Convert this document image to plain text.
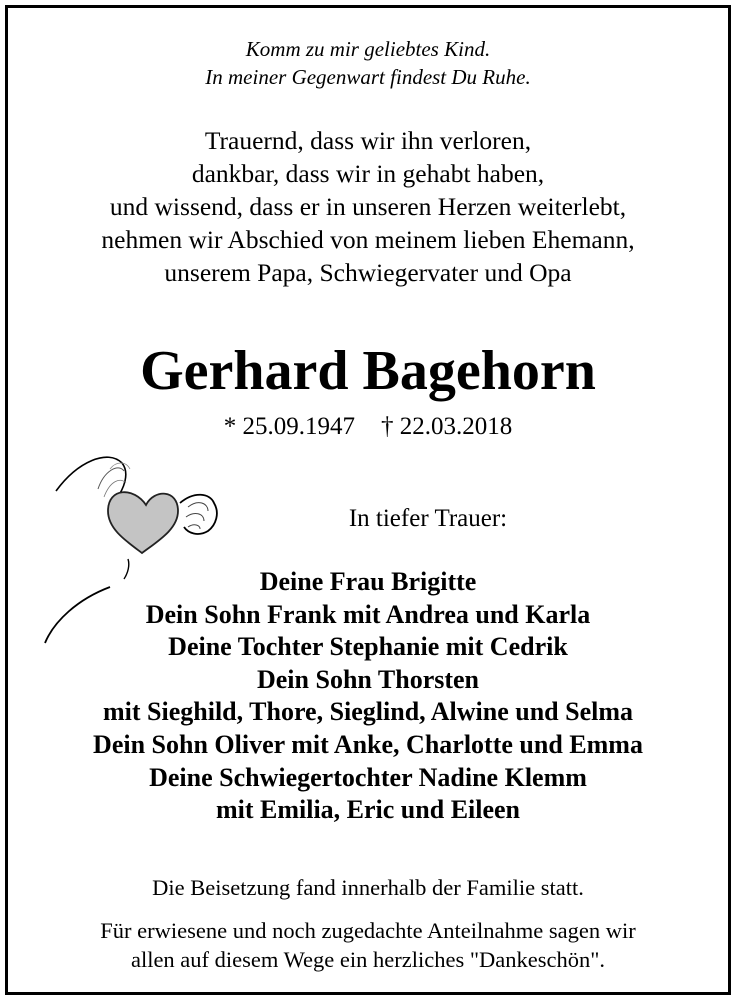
Komm zu mir geliebtes Kind.
In meiner Gegenwart findest Du Ruhe.
Trauernd, dass wir ihn verloren,
dankbar, dass wir in gehabt haben,
und wissend, dass er in unseren Herzen weiterlebt,
nehmen wir Abschied von meinem lieben Ehemann,
unserem Papa, Schwiegervater und Opa
Gerhard Bagehorn
* 25.09.1947 † 22.03.2018
In tiefer Trauer:
Deine Frau Brigitte
Dein Sohn Frank mit Andrea und Karla
Deine Tochter Stephanie mit Cedrik
Dein Sohn Thorsten
mit Sieghild, Thore, Sieglind, Alwine und Selma
Dein Sohn Oliver mit Anke, Charlotte und Emma
Deine Schwiegertochter Nadine Klemm
mit Emilia, Eric und Eileen
Die Beisetzung fand innerhalb der Familie statt.
Für erwiesene und noch zugedachte Anteilnahme sagen wir
allen auf diesem Wege ein herzliches "Dankeschön".
